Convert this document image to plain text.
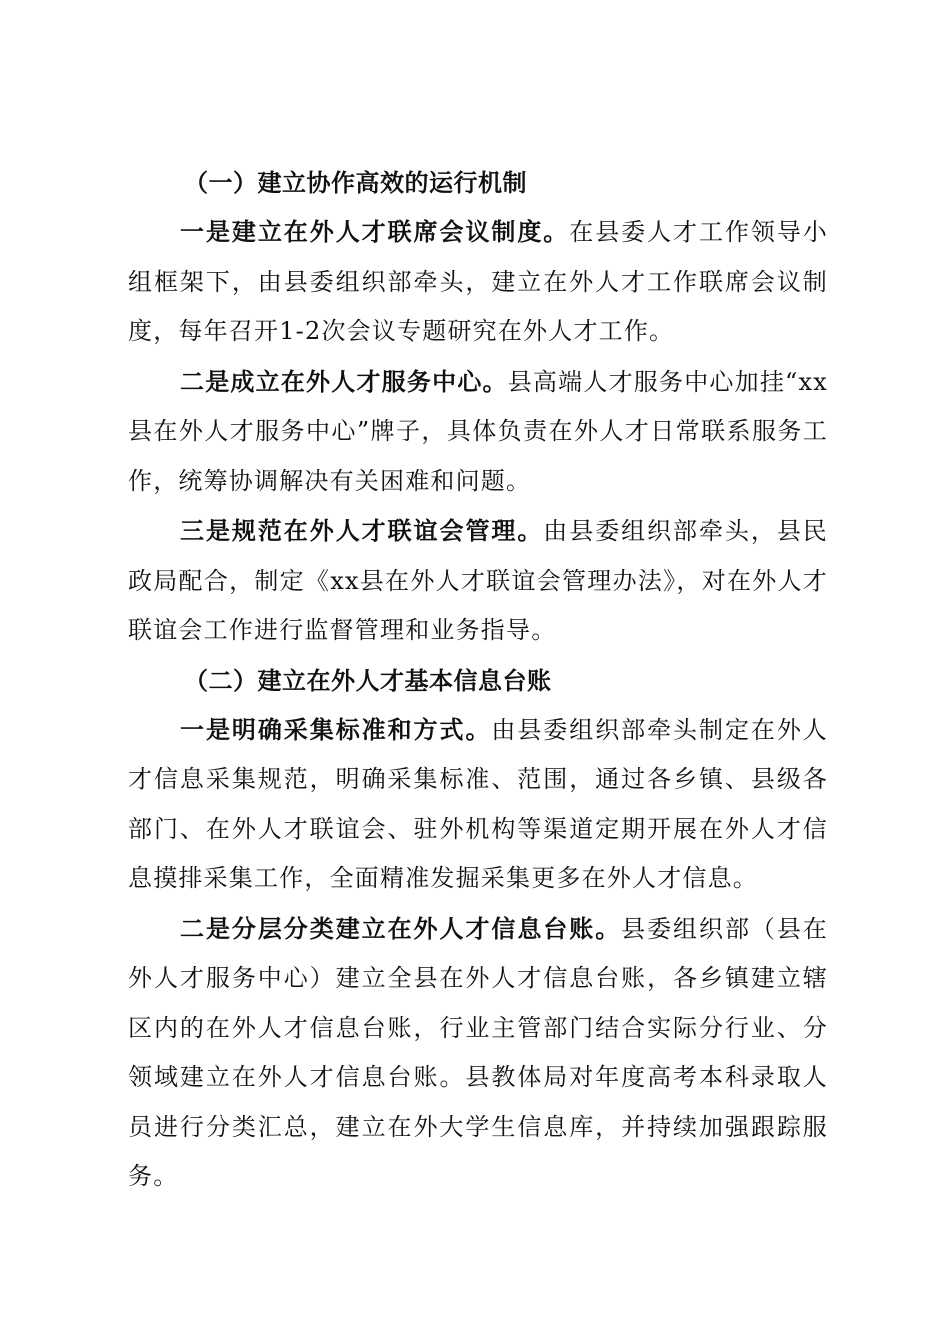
（一）建立协作高效的运行机制

一是建立在外人才联席会议制度。在县委人才工作领导小组框架下，由县委组织部牵头，建立在外人才工作联席会议制度，每年召开1-2次会议专题研究在外人才工作。

二是成立在外人才服务中心。县高端人才服务中心加挂“xx县在外人才服务中心”牌子，具体负责在外人才日常联系服务工作，统筹协调解决有关困难和问题。

三是规范在外人才联谊会管理。由县委组织部牵头，县民政局配合，制定《xx县在外人才联谊会管理办法》，对在外人才联谊会工作进行监督管理和业务指导。

（二）建立在外人才基本信息台账

一是明确采集标准和方式。由县委组织部牵头制定在外人才信息采集规范，明确采集标准、范围，通过各乡镇、县级各部门、在外人才联谊会、驻外机构等渠道定期开展在外人才信息摸排采集工作，全面精准发掘采集更多在外人才信息。

二是分层分类建立在外人才信息台账。县委组织部（县在外人才服务中心）建立全县在外人才信息台账，各乡镇建立辖区内的在外人才信息台账，行业主管部门结合实际分行业、分领域建立在外人才信息台账。县教体局对年度高考本科录取人员进行分类汇总，建立在外大学生信息库，并持续加强跟踪服务。
